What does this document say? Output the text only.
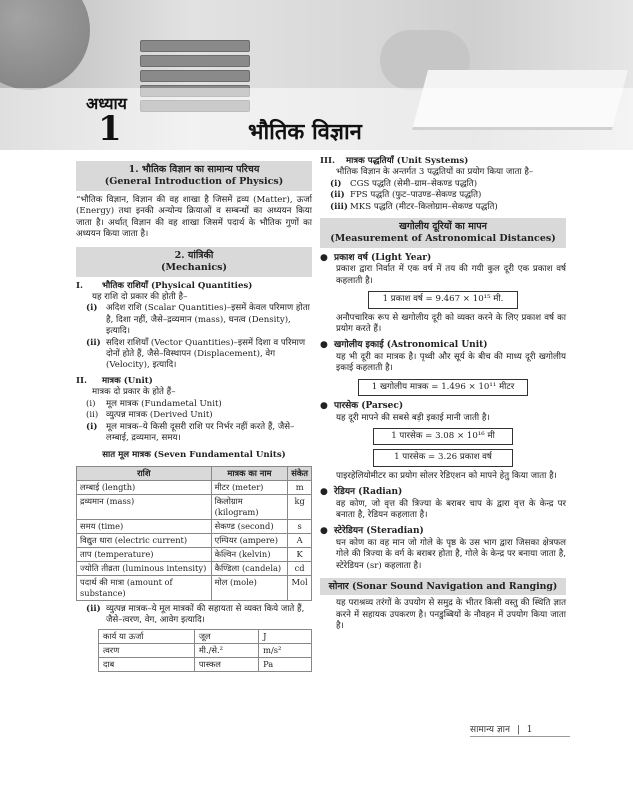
अध्याय
1	भौतिक विज्ञान
1. भौतिक विज्ञान का सामान्य परिचय
(General Introduction of Physics)
“भौतिक विज्ञान, विज्ञान की वह शाखा है जिसमें द्रव्य (Matter), ऊर्जा (Energy) तथा इनकी अन्योन्य क्रियाओं व सम्बन्धों का अध्ययन किया जाता है। अर्थात् विज्ञान की वह शाखा जिसमें पदार्थ के भौतिक गुणों का अध्ययन किया जाता है।
2. यांत्रिकी
(Mechanics)
I. भौतिक राशियाँ (Physical Quantities)
यह राशि दो प्रकार की होती है–
(i) अदिश राशि (Scalar Quantities)–इसमें केवल परिमाण होता है, दिशा नहीं, जैसे–द्रव्यमान (mass), घनत्व (Density), इत्यादि।
(ii) सदिश राशियाँ (Vector Quantities)–इसमें दिशा व परिमाण दोनों होते हैं, जैसे–विस्थापन (Displacement), वेग (Velocity), इत्यादि।
II. मात्रक (Unit)
मात्रक दो प्रकार के होते हैं–
(i)	मूल मात्रक (Fundametal Unit)
(ii) व्युत्पन्न मात्रक (Derived Unit)
(i) मूल मात्रक–ये किसी दूसरी राशि पर निर्भर नहीं करते हैं, जैसे–लम्बाई, द्रव्यमान, समय।
सात मूल मात्रक (Seven Fundamental Units)
राशि	मात्रक का नाम	संकेत
लम्बाई (length)	मीटर (meter)	m
द्रव्यमान (mass)	किलोग्राम (kilogram)	kg
समय (time)	सेकण्ड (second)	s
विद्युत धारा (electric current)	एम्पियर (ampere)	A
ताप (temperature)	केल्विन (kelvin)	K
ज्योति तीव्रता (luminous intensity)	कैण्डिला (candela)	cd
पदार्थ की मात्रा (amount of substance)	मोल (mole)	Mol
(ii) व्युत्पन्न मात्रक–ये मूल मात्रकों की सहायता से व्यक्त किये जाते हैं, जैसे–त्वरण, वेग, आवेग इत्यादि।
कार्य या ऊर्जा	जूल	J
त्वरण	मी./से.²	m/s²
दाब	पास्कल	Pa
III. मात्रक पद्धतियाँ (Unit Systems)
भौतिक विज्ञान के अन्तर्गत 3 पद्धतियों का प्रयोग किया जाता है–
(i) CGS पद्धति (सेमी–ग्राम–सेकण्ड पद्धति)
(ii) FPS पद्धति (फुट–पाउण्ड–सेकण्ड पद्धति)
(iii) MKS पद्धति (मीटर–किलोग्राम–सेकण्ड पद्धति)
खगोलीय दूरियों का मापन
(Measurement of Astronomical Distances)
● प्रकाश वर्ष (Light Year)
प्रकाश द्वारा निर्वात में एक वर्ष में तय की गयी कुल दूरी एक प्रकाश वर्ष कहलाती है।
1 प्रकाश वर्ष = 9.467 × 10¹⁵ मी.
अनौपचारिक रूप से खगोलीय दूरी को व्यक्त करने के लिए प्रकाश वर्ष का प्रयोग करते हैं।
● खगोलीय इकाई (Astronomical Unit)
यह भी दूरी का मात्रक है। पृथ्वी और सूर्य के बीच की माध्य दूरी खगोलीय इकाई कहलाती है।
1 खगोलीय मात्रक = 1.496 × 10¹¹ मीटर
● पारसेक (Parsec)
यह दूरी मापने की सबसे बड़ी इकाई मानी जाती है।
1 पारसेक = 3.08 × 10¹⁶ मी
1 पारसेक = 3.26 प्रकाश वर्ष
पाइरहेलियोमीटर का प्रयोग सोलर रेडिएशन को मापने हेतु किया जाता है।
● रेडियन (Radian)
वह कोण, जो वृत्त की त्रिज्या के बराबर चाप के द्वारा वृत्त के केन्द्र पर बनाता है, रेडियन कहलाता है।
● स्टेरेडियन (Steradian)
घन कोण का वह मान जो गोले के पृष्ठ के उस भाग द्वारा जिसका क्षेत्रफल गोले की त्रिज्या के वर्ग के बराबर होता है, गोले के केन्द्र पर बनाया जाता है, स्टेरेडियन (sr) कहलाता है।
सोनार (Sonar Sound Navigation and Ranging)
यह पराश्रव्य तरंगों के उपयोग से समुद्र के भीतर किसी वस्तु की स्थिति ज्ञात करने में सहायक उपकरण है। पनडुब्बियों के नौवहन में उपयोग किया जाता है।
सामान्य ज्ञान | 1
